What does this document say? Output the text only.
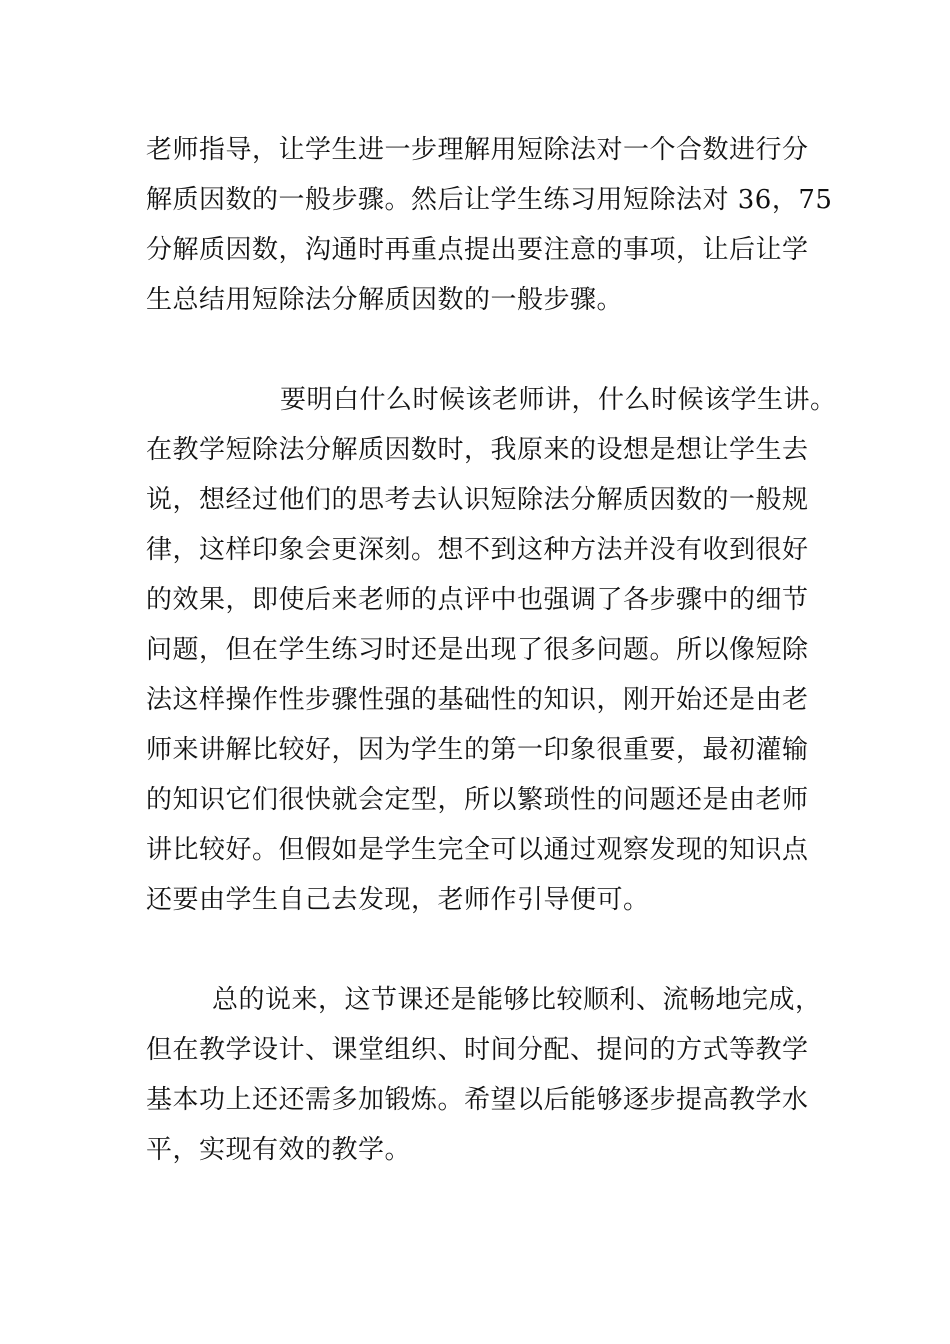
老师指导，让学生进一步理解用短除法对一个合数进行分
解质因数的一般步骤。然后让学生练习用短除法对 36，75
分解质因数，沟通时再重点提出要注意的事项，让后让学
生总结用短除法分解质因数的一般步骤。
要明白什么时候该老师讲，什么时候该学生讲。
在教学短除法分解质因数时，我原来的设想是想让学生去
说，想经过他们的思考去认识短除法分解质因数的一般规
律，这样印象会更深刻。想不到这种方法并没有收到很好
的效果，即使后来老师的点评中也强调了各步骤中的细节
问题，但在学生练习时还是出现了很多问题。所以像短除
法这样操作性步骤性强的基础性的知识，刚开始还是由老
师来讲解比较好，因为学生的第一印象很重要，最初灌输
的知识它们很快就会定型，所以繁琐性的问题还是由老师
讲比较好。但假如是学生完全可以通过观察发现的知识点
还要由学生自己去发现，老师作引导便可。
总的说来，这节课还是能够比较顺利、流畅地完成，
但在教学设计、课堂组织、时间分配、提问的方式等教学
基本功上还还需多加锻炼。希望以后能够逐步提高教学水
平，实现有效的教学。
